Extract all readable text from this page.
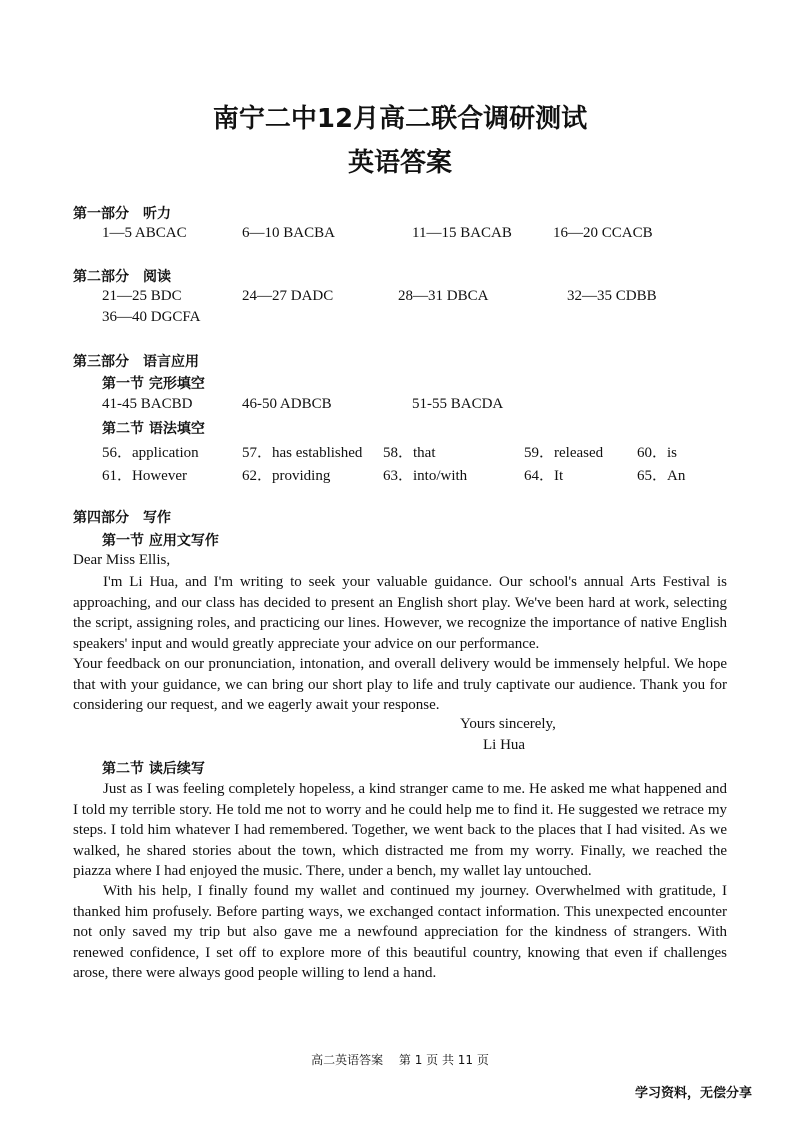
南宁二中12月高二联合调研测试
英语答案
第一部分　听力
1—5 ABCAC	6—10 BACBA	11—15 BACAB	16—20 CCACB
第二部分　阅读
21—25 BDC	24—27 DADC	28—31 DBCA	32—35 CDBB
36—40 DGCFA
第三部分　语言应用
第一节 完形填空
41-45 BACBD	46-50 ADBCB	51-55 BACDA
第二节 语法填空
56．application	57．has established 58．that	59．released 60．is
61．However	62．providing	63．into/with	64．It	65．An
第四部分　写作
第一节 应用文写作
Dear Miss Ellis,
I'm Li Hua, and I'm writing to seek your valuable guidance. Our school's annual Arts Festival is approaching, and our class has decided to present an English short play. We've been hard at work, selecting the script, assigning roles, and practicing our lines. However, we recognize the importance of native English speakers' input and would greatly appreciate your advice on our performance.
Your feedback on our pronunciation, intonation, and overall delivery would be immensely helpful. We hope that with your guidance, we can bring our short play to life and truly captivate our audience. Thank you for considering our request, and we eagerly await your response.
Yours sincerely,
Li Hua
第二节 读后续写
Just as I was feeling completely hopeless, a kind stranger came to me. He asked me what happened and I told my terrible story. He told me not to worry and he could help me to find it. He suggested we retrace my steps. I told him whatever I had remembered. Together, we went back to the places that I had visited. As we walked, he shared stories about the town, which distracted me from my worry. Finally, we reached the piazza where I had enjoyed the music. There, under a bench, my wallet lay untouched.
With his help, I finally found my wallet and continued my journey. Overwhelmed with gratitude, I thanked him profusely. Before parting ways, we exchanged contact information. This unexpected encounter not only saved my trip but also gave me a newfound appreciation for the kindness of strangers. With renewed confidence, I set off to explore more of this beautiful country, knowing that even if challenges arose, there were always good people willing to lend a hand.
高二英语答案　 第 1 页 共 11 页
学习资料，无偿分享
